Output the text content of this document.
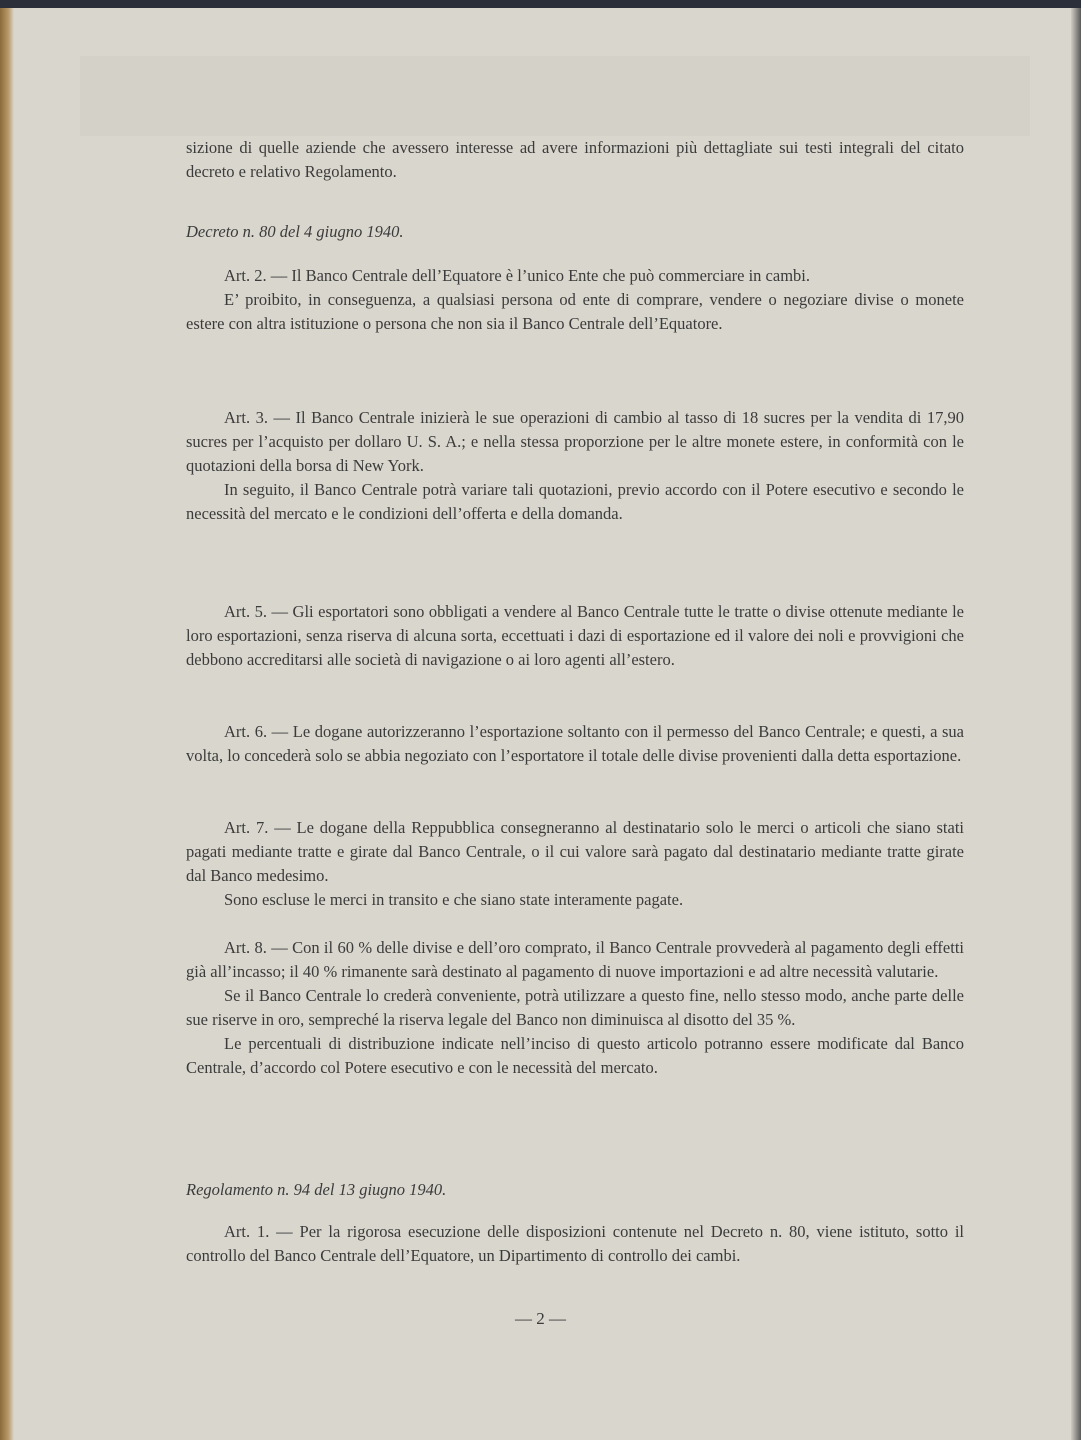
sizione di quelle aziende che avessero interesse ad avere informazioni più dettagliate sui testi integrali del citato decreto e relativo Regolamento.

Decreto n. 80 del 4 giugno 1940.

Art. 2. — Il Banco Centrale dell’Equatore è l’unico Ente che può commerciare in cambi.

E’ proibito, in conseguenza, a qualsiasi persona od ente di comprare, vendere o negoziare divise o monete estere con altra istituzione o persona che non sia il Banco Centrale dell’Equatore.

Art. 3. — Il Banco Centrale inizierà le sue operazioni di cambio al tasso di 18 sucres per la vendita di 17,90 sucres per l’acquisto per dollaro U. S. A.; e nella stessa proporzione per le altre monete estere, in conformità con le quotazioni della borsa di New York.

In seguito, il Banco Centrale potrà variare tali quotazioni, previo accordo con il Potere esecutivo e secondo le necessità del mercato e le condizioni dell’offerta e della domanda.

Art. 5. — Gli esportatori sono obbligati a vendere al Banco Centrale tutte le tratte o divise ottenute mediante le loro esportazioni, senza riserva di alcuna sorta, eccettuati i dazi di esportazione ed il valore dei noli e provvigioni che debbono accreditarsi alle società di navigazione o ai loro agenti all’estero.

Art. 6. — Le dogane autorizzeranno l’esportazione soltanto con il permesso del Banco Centrale; e questi, a sua volta, lo concederà solo se abbia negoziato con l’esportatore il totale delle divise provenienti dalla detta esportazione.

Art. 7. — Le dogane della Reppubblica consegneranno al destinatario solo le merci o articoli che siano stati pagati mediante tratte e girate dal Banco Centrale, o il cui valore sarà pagato dal destinatario mediante tratte girate dal Banco medesimo.

Sono escluse le merci in transito e che siano state interamente pagate.

Art. 8. — Con il 60 % delle divise e dell’oro comprato, il Banco Centrale provvederà al pagamento degli effetti già all’incasso; il 40 % rimanente sarà destinato al pagamento di nuove importazioni e ad altre necessità valutarie.

Se il Banco Centrale lo crederà conveniente, potrà utilizzare a questo fine, nello stesso modo, anche parte delle sue riserve in oro, sempreché la riserva legale del Banco non diminuisca al disotto del 35 %.

Le percentuali di distribuzione indicate nell’inciso di questo articolo potranno essere modificate dal Banco Centrale, d’accordo col Potere esecutivo e con le necessità del mercato.

Regolamento n. 94 del 13 giugno 1940.

Art. 1. — Per la rigorosa esecuzione delle disposizioni contenute nel Decreto n. 80, viene istituto, sotto il controllo del Banco Centrale dell’Equatore, un Dipartimento di controllo dei cambi.

— 2 —
